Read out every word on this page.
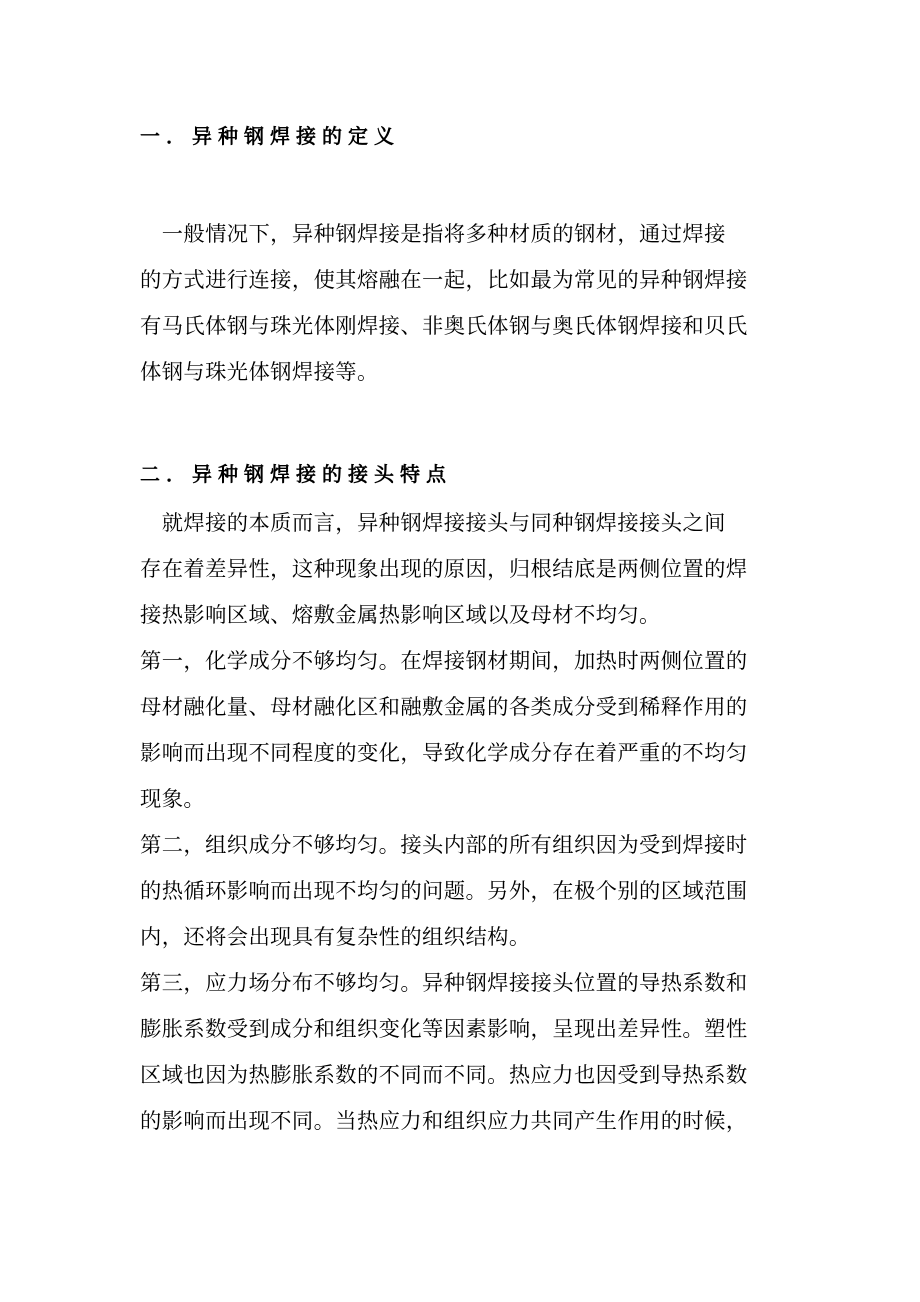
一．异种钢焊接的定义
　一般情况下，异种钢焊接是指将多种材质的钢材，通过焊接
的方式进行连接，使其熔融在一起，比如最为常见的异种钢焊接
有马氏体钢与珠光体刚焊接、非奥氏体钢与奥氏体钢焊接和贝氏
体钢与珠光体钢焊接等。
二．异种钢焊接的接头特点
　就焊接的本质而言，异种钢焊接接头与同种钢焊接接头之间
存在着差异性，这种现象出现的原因，归根结底是两侧位置的焊
接热影响区域、熔敷金属热影响区域以及母材不均匀。
第一，化学成分不够均匀。在焊接钢材期间，加热时两侧位置的
母材融化量、母材融化区和融敷金属的各类成分受到稀释作用的
影响而出现不同程度的变化，导致化学成分存在着严重的不均匀
现象。
第二，组织成分不够均匀。接头内部的所有组织因为受到焊接时
的热循环影响而出现不均匀的问题。另外，在极个别的区域范围
内，还将会出现具有复杂性的组织结构。
第三，应力场分布不够均匀。异种钢焊接接头位置的导热系数和
膨胀系数受到成分和组织变化等因素影响，呈现出差异性。塑性
区域也因为热膨胀系数的不同而不同。热应力也因受到导热系数
的影响而出现不同。当热应力和组织应力共同产生作用的时候，
